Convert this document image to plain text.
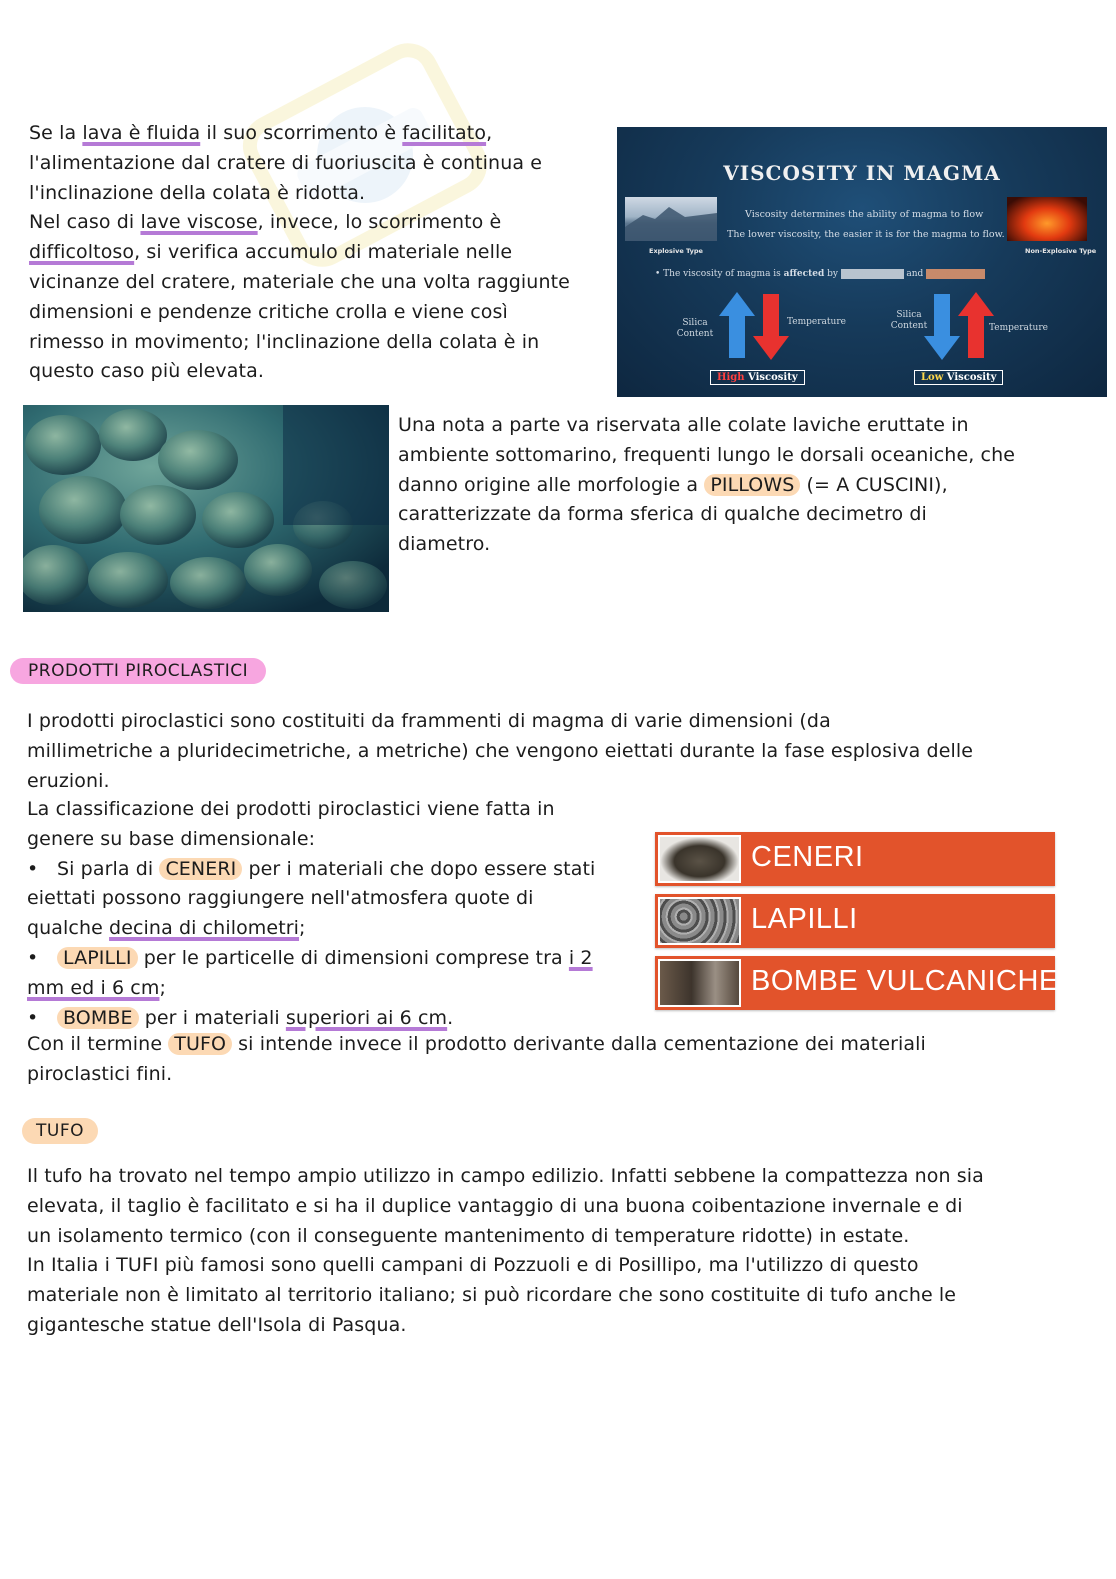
Se la lava è fluida il suo scorrimento è facilitato,
l'alimentazione dal cratere di fuoriuscita è continua e
l'inclinazione della colata è ridotta.
Nel caso di lave viscose, invece, lo scorrimento è
difficoltoso, si verifica accumulo di materiale nelle
vicinanze del cratere, materiale che una volta raggiunte
dimensioni e pendenze critiche crolla e viene così
rimesso in movimento; l'inclinazione della colata è in
questo caso più elevata.
VISCOSITY IN MAGMA
Explosive Type	Non-Explosive Type
Viscosity determines the ability of magma to flow
The lower viscosity, the easier it is for the magma to flow.
• The viscosity of magma is affected by Silica content and Temperature
Silica Content
Temperature
Silica Content	Temperature
High Viscosity	Low Viscosity
Una nota a parte va riservata alle colate laviche eruttate in
ambiente sottomarino, frequenti lungo le dorsali oceaniche, che
danno origine alle morfologie a PILLOWS (= A CUSCINI),
caratterizzate da forma sferica di qualche decimetro di
diametro.
PRODOTTI PIROCLASTICI
I prodotti piroclastici sono costituiti da frammenti di magma di varie dimensioni (da
millimetriche a pluridecimetriche, a metriche) che vengono eiettati durante la fase esplosiva delle
eruzioni.
La classificazione dei prodotti piroclastici viene fatta in
genere su base dimensionale:
• Si parla di CENERI per i materiali che dopo essere stati
eiettati possono raggiungere nell'atmosfera quote di
qualche decina di chilometri;
• LAPILLI per le particelle di dimensioni comprese tra i 2
mm ed i 6 cm;
• BOMBE per i materiali superiori ai 6 cm.
Con il termine TUFO si intende invece il prodotto derivante dalla cementazione dei materiali
piroclastici fini.
CENERI
LAPILLI
BOMBE VULCANICHE
TUFO
Il tufo ha trovato nel tempo ampio utilizzo in campo edilizio. Infatti sebbene la compattezza non sia
elevata, il taglio è facilitato e si ha il duplice vantaggio di una buona coibentazione invernale e di
un isolamento termico (con il conseguente mantenimento di temperature ridotte) in estate.
In Italia i TUFI più famosi sono quelli campani di Pozzuoli e di Posillipo, ma l'utilizzo di questo
materiale non è limitato al territorio italiano; si può ricordare che sono costituite di tufo anche le
gigantesche statue dell'Isola di Pasqua.
